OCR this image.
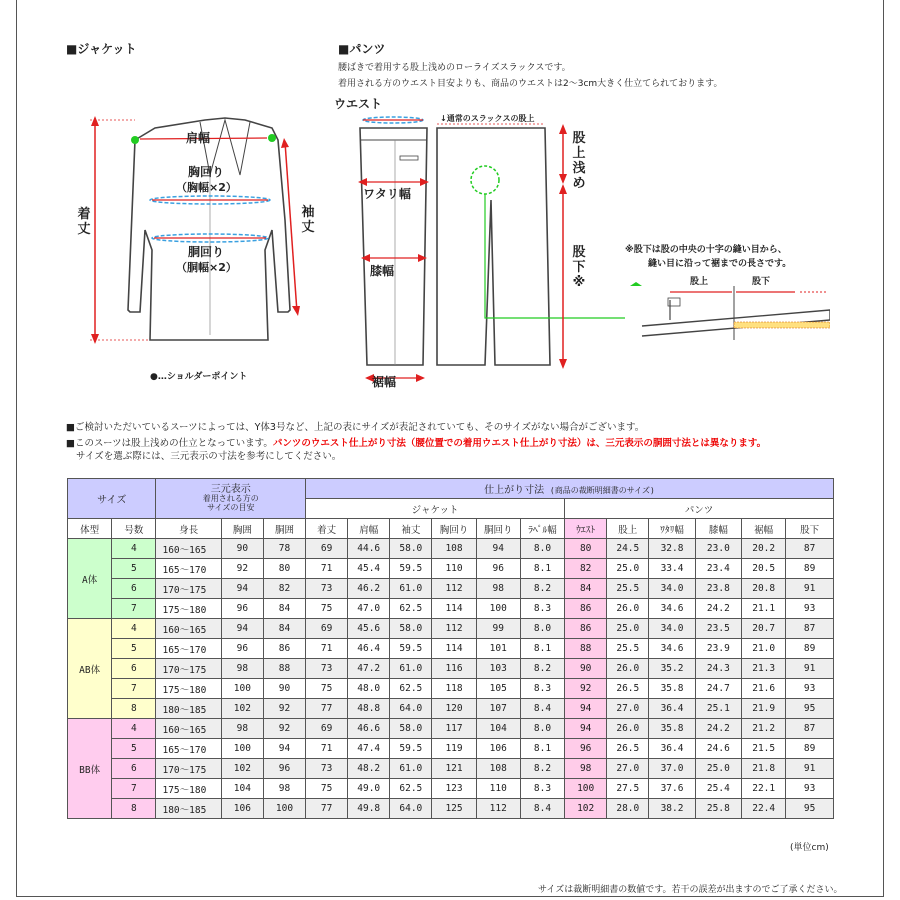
■ジャケット
肩幅
胸回り
（胸幅×2）
胴回り
（胴幅×2）
着丈
袖丈
●…ショルダーポイント
■パンツ
腰ばきで着用する股上浅めのローライズスラックスです。
着用される方のウエスト目安よりも、商品のウエストは2～3cm大きく仕立てられております。
ウエスト
↓通常のスラックスの股上
ワタリ幅
膝幅
裾幅
股上浅め
股下※
※股下は股の中央の十字の縫い目から、
縫い目に沿って裾までの長さです。
股上	股下
■ご検討いただいているスーツによっては、Y体3号など、上記の表にサイズが表記されていても、そのサイズがない場合がございます。
■このスーツは股上浅めの仕立となっています。パンツのウエスト仕上がり寸法（腰位置での着用ウエスト仕上がり寸法）は、三元表示の胴囲寸法とは異なります。
サイズを選ぶ際には、三元表示の寸法を参考にしてください。
サイズ		三元表示
着用される方の
サイズの目安			仕上がり寸法 (商品の裁断明細書のサイズ)											
					ジャケット						パンツ					
体型	号数	身長	胸囲	胴囲	着丈	肩幅	袖丈	胸回り	胴回り	ﾗﾍﾟﾙ幅	ｳｴｽﾄ	股上	ﾜﾀﾘ幅	膝幅	裾幅	股下
A体	4	160～165	90	78	69	44.6	58.0	108	94	8.0	80	24.5	32.8	23.0	20.2	87
	5	165～170	92	80	71	45.4	59.5	110	96	8.1	82	25.0	33.4	23.4	20.5	89
	6	170～175	94	82	73	46.2	61.0	112	98	8.2	84	25.5	34.0	23.8	20.8	91
	7	175～180	96	84	75	47.0	62.5	114	100	8.3	86	26.0	34.6	24.2	21.1	93
AB体	4	160～165	94	84	69	45.6	58.0	112	99	8.0	86	25.0	34.0	23.5	20.7	87
	5	165～170	96	86	71	46.4	59.5	114	101	8.1	88	25.5	34.6	23.9	21.0	89
	6	170～175	98	88	73	47.2	61.0	116	103	8.2	90	26.0	35.2	24.3	21.3	91
	7	175～180	100	90	75	48.0	62.5	118	105	8.3	92	26.5	35.8	24.7	21.6	93
	8	180～185	102	92	77	48.8	64.0	120	107	8.4	94	27.0	36.4	25.1	21.9	95
BB体	4	160～165	98	92	69	46.6	58.0	117	104	8.0	94	26.0	35.8	24.2	21.2	87
	5	165～170	100	94	71	47.4	59.5	119	106	8.1	96	26.5	36.4	24.6	21.5	89
	6	170～175	102	96	73	48.2	61.0	121	108	8.2	98	27.0	37.0	25.0	21.8	91
	7	175～180	104	98	75	49.0	62.5	123	110	8.3	100	27.5	37.6	25.4	22.1	93
	8	180～185	106	100	77	49.8	64.0	125	112	8.4	102	28.0	38.2	25.8	22.4	95
(単位cm)
サイズは裁断明細書の数値です。若干の誤差が出ますのでご了承ください。
